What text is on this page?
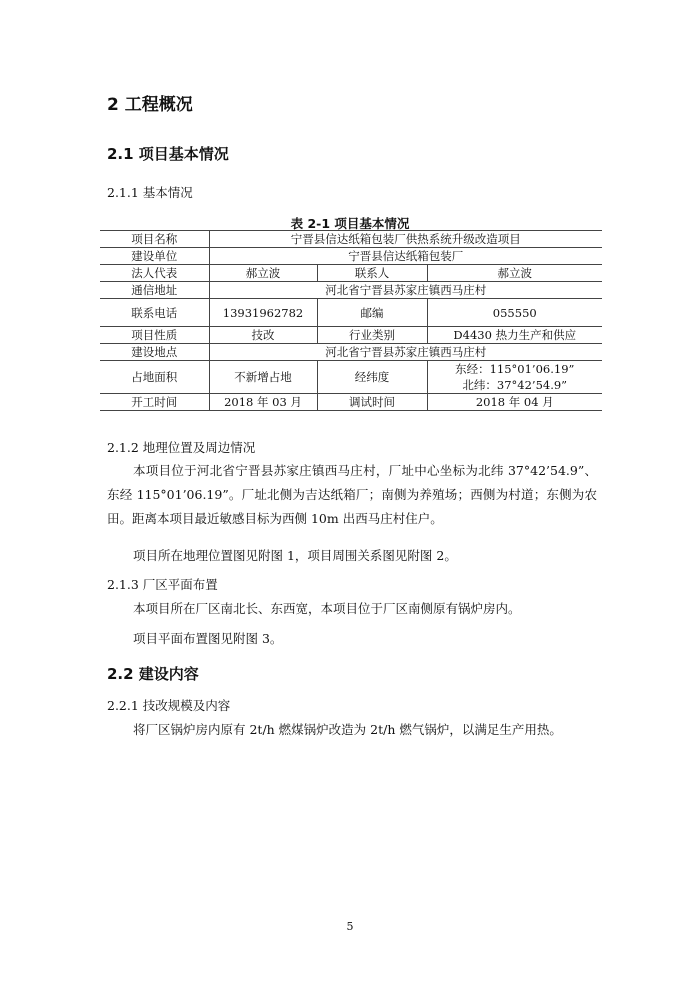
2 工程概况
2.1 项目基本情况
2.1.1 基本情况
表 2-1 项目基本情况
项目名称	宁晋县信达纸箱包装厂供热系统升级改造项目		
建设单位	宁晋县信达纸箱包装厂		
法人代表	郝立波	联系人	郝立波
通信地址	河北省宁晋县苏家庄镇西马庄村		
联系电话	13931962782	邮编	055550
项目性质	技改	行业类别	D4430 热力生产和供应
建设地点	河北省宁晋县苏家庄镇西马庄村		
占地面积	不新增占地	经纬度	东经：115°01’06.19”
北纬：37°42’54.9”

开工时间	2018 年 03 月	调试时间	2018 年 04 月
2.1.2 地理位置及周边情况
本项目位于河北省宁晋县苏家庄镇西马庄村，厂址中心坐标为北纬 37°42’54.9”、东经 115°01’06.19”。厂址北侧为吉达纸箱厂；南侧为养殖场；西侧为村道；东侧为农田。距离本项目最近敏感目标为西侧 10m 出西马庄村住户。
项目所在地理位置图见附图 1，项目周围关系图见附图 2。
2.1.3 厂区平面布置
本项目所在厂区南北长、东西宽，本项目位于厂区南侧原有锅炉房内。
项目平面布置图见附图 3。
2.2 建设内容
2.2.1 技改规模及内容
将厂区锅炉房内原有 2t/h 燃煤锅炉改造为 2t/h 燃气锅炉，以满足生产用热。
5
